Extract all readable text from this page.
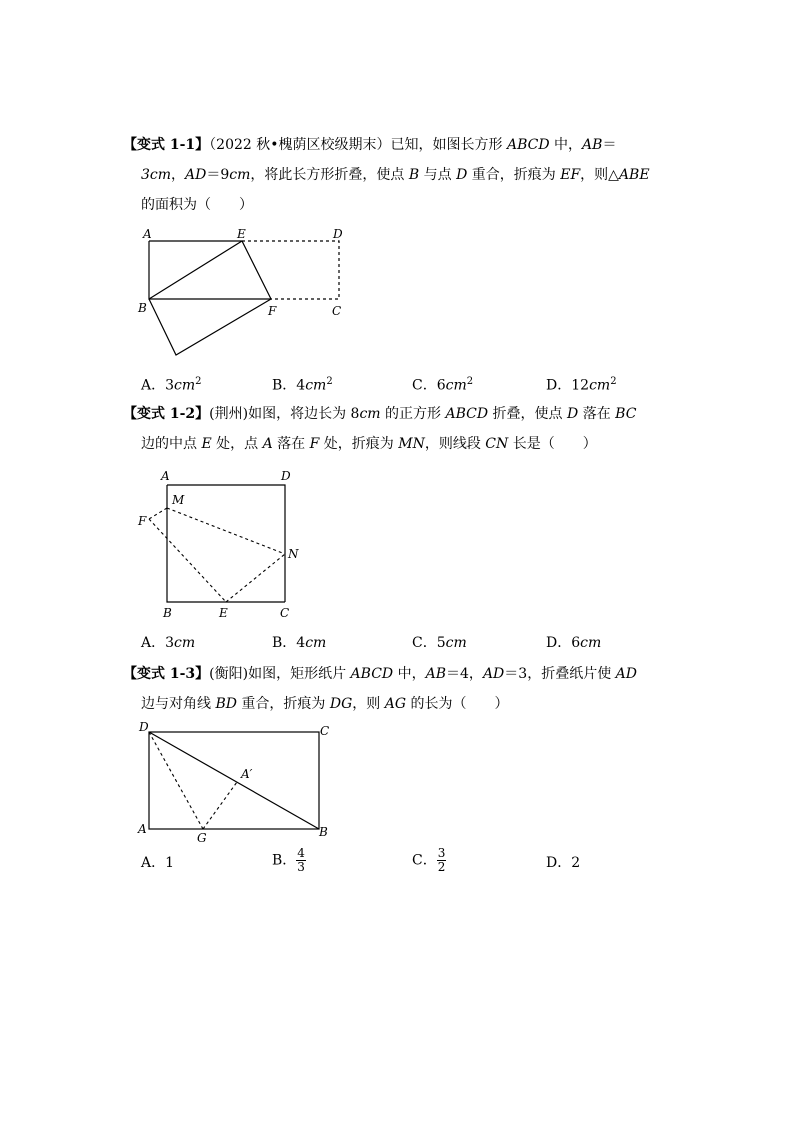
【变式 1-1】（2022 秋•槐荫区校级期末）已知，如图长方形 ABCD 中，AB＝
3cm，AD＝9cm，将此长方形折叠，使点 B 与点 D 重合，折痕为 EF，则△ABE
的面积为（　　）
A	E	D
B	F	C
A．$3cm^2$	B．$4cm^2$	C．$6cm^2$	D．$12cm^2$
【变式 1-2】(荆州)如图，将边长为 8cm 的正方形 ABCD 折叠，使点 D 落在 BC
边的中点 E 处，点 A 落在 F 处，折痕为 MN，则线段 CN 长是（　　）
A	D
M
F
N
B	E	C
A．3cm	B．4cm	C．5cm	D．6cm
【变式 1-3】(衡阳)如图，矩形纸片 ABCD 中，AB＝4，AD＝3，折叠纸片使 AD
边与对角线 BD 重合，折痕为 DG，则 AG 的长为（　　）
D	C
A′
A
G	B
A．1	B． $\frac{4}{3}$	C． $\frac{3}{2}$	D．2
